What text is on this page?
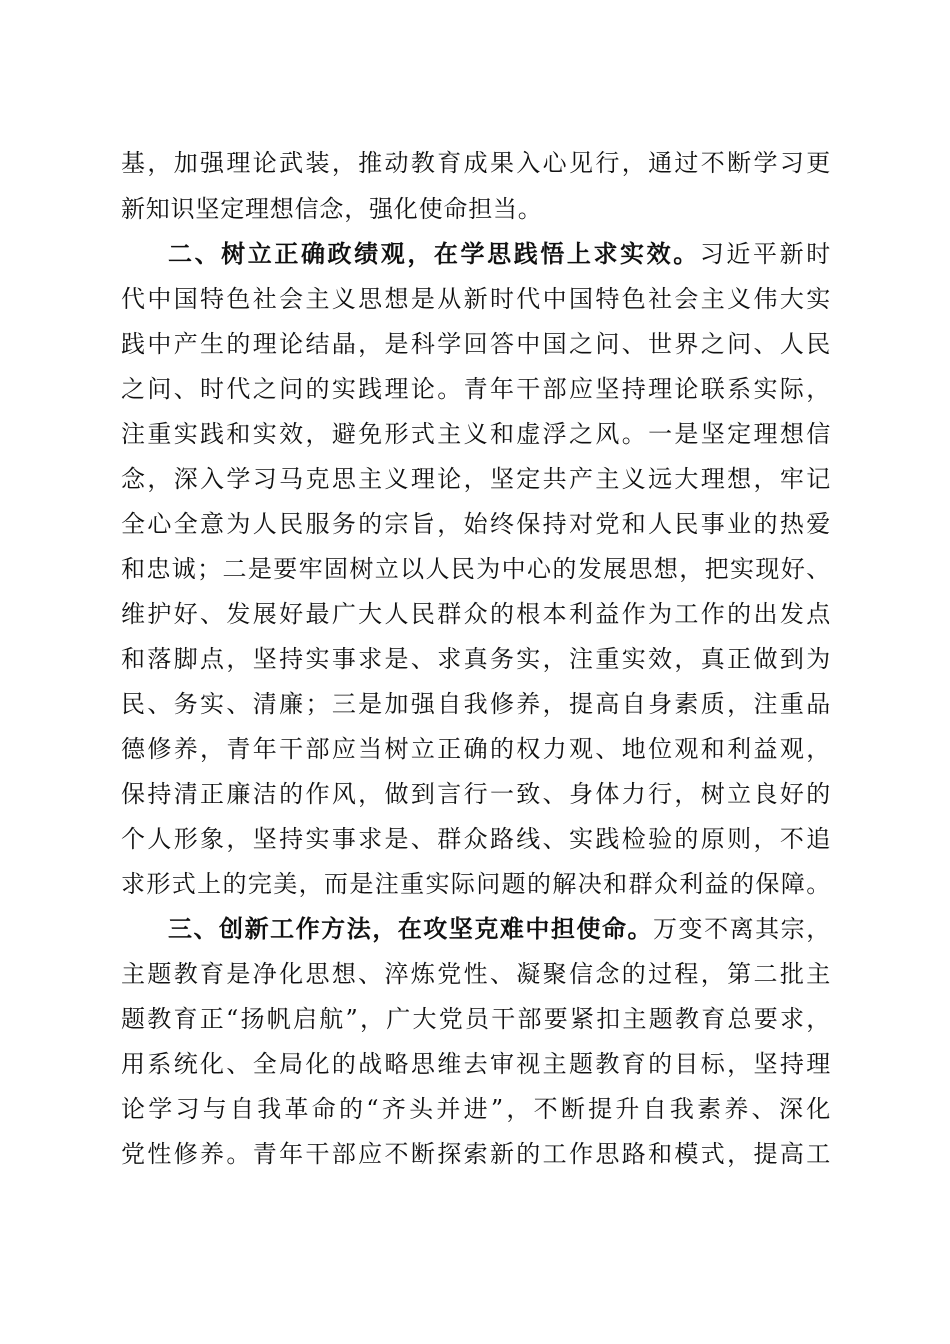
基，加强理论武装，推动教育成果入心见行，通过不断学习更
新知识坚定理想信念，强化使命担当。
二、树立正确政绩观，在学思践悟上求实效。习近平新时
代中国特色社会主义思想是从新时代中国特色社会主义伟大实
践中产生的理论结晶，是科学回答中国之问、世界之问、人民
之问、时代之问的实践理论。青年干部应坚持理论联系实际，
注重实践和实效，避免形式主义和虚浮之风。一是坚定理想信
念，深入学习马克思主义理论，坚定共产主义远大理想，牢记
全心全意为人民服务的宗旨，始终保持对党和人民事业的热爱
和忠诚；二是要牢固树立以人民为中心的发展思想，把实现好、
维护好、发展好最广大人民群众的根本利益作为工作的出发点
和落脚点，坚持实事求是、求真务实，注重实效，真正做到为
民、务实、清廉；三是加强自我修养，提高自身素质，注重品
德修养，青年干部应当树立正确的权力观、地位观和利益观，
保持清正廉洁的作风，做到言行一致、身体力行，树立良好的
个人形象，坚持实事求是、群众路线、实践检验的原则，不追
求形式上的完美，而是注重实际问题的解决和群众利益的保障。
三、创新工作方法，在攻坚克难中担使命。万变不离其宗，
主题教育是净化思想、淬炼党性、凝聚信念的过程，第二批主
题教育正“扬帆启航”，广大党员干部要紧扣主题教育总要求，
用系统化、全局化的战略思维去审视主题教育的目标，坚持理
论学习与自我革命的“齐头并进”，不断提升自我素养、深化
党性修养。青年干部应不断探索新的工作思路和模式，提高工
